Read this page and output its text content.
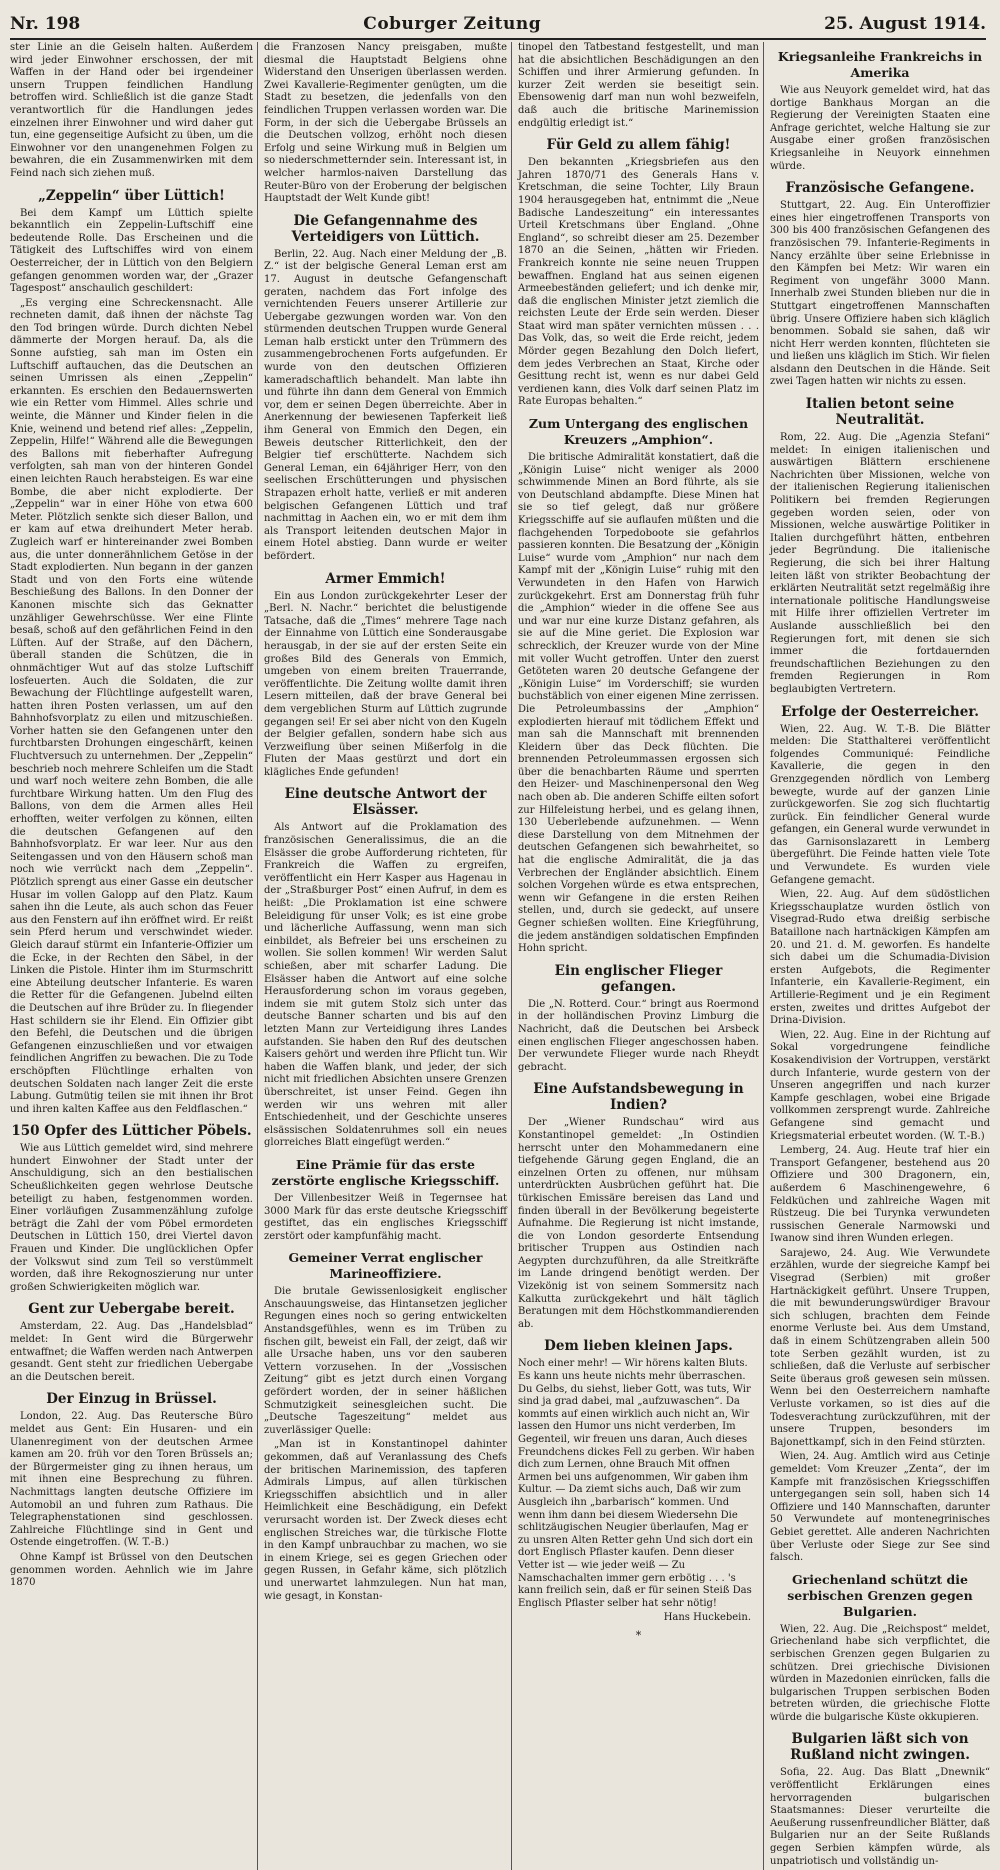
Nr. 198	Coburger Zeitung	25. August 1914.

ster Linie an die Geiseln halten. Außerdem wird jeder Einwohner erschossen, der mit Waffen in der Hand oder bei irgendeiner unsern Truppen feindlichen Handlung betroffen wird. Schließlich ist die ganze Stadt verantwortlich für die Handlungen jedes einzelnen ihrer Einwohner und wird daher gut tun, eine gegenseitige Aufsicht zu üben, um die Einwohner vor den unangenehmen Folgen zu bewahren, die ein Zusammenwirken mit dem Feind nach sich ziehen muß.

„Zeppelin“ über Lüttich!

Bei dem Kampf um Lüttich spielte bekanntlich ein Zeppelin-Luftschiff eine bedeutende Rolle. Das Erscheinen und die Tätigkeit des Luftschiffes wird von einem Oesterreicher, der in Lüttich von den Belgiern gefangen genommen worden war, der „Grazer Tagespost“ anschaulich geschildert:

„Es verging eine Schreckensnacht. Alle rechneten damit, daß ihnen der nächste Tag den Tod bringen würde. Durch dichten Nebel dämmerte der Morgen herauf. Da, als die Sonne aufstieg, sah man im Osten ein Luftschiff auftauchen, das die Deutschen an seinen Umrissen als einen „Zeppelin“ erkannten. Es erschien den Bedauernswerten wie ein Retter vom Himmel. Alles schrie und weinte, die Männer und Kinder fielen in die Knie, weinend und betend rief alles: „Zeppelin, Zeppelin, Hilfe!“ Während alle die Bewegungen des Ballons mit fieberhafter Aufregung verfolgten, sah man von der hinteren Gondel einen leichten Rauch herabsteigen. Es war eine Bombe, die aber nicht explodierte. Der „Zeppelin“ war in einer Höhe von etwa 600 Meter. Plötzlich senkte sich dieser Ballon, und er kam auf etwa dreihundert Meter herab. Zugleich warf er hintereinander zwei Bomben aus, die unter donnerähnlichem Getöse in der Stadt explodierten. Nun begann in der ganzen Stadt und von den Forts eine wütende Beschießung des Ballons. In den Donner der Kanonen mischte sich das Geknatter unzähliger Gewehrschüsse. Wer eine Flinte besaß, schoß auf den gefährlichen Feind in den Lüften. Auf der Straße, auf den Dächern, überall standen die Schützen, die in ohnmächtiger Wut auf das stolze Luftschiff losfeuerten. Auch die Soldaten, die zur Bewachung der Flüchtlinge aufgestellt waren, hatten ihren Posten verlassen, um auf den Bahnhofsvorplatz zu eilen und mitzuschießen. Vorher hatten sie den Gefangenen unter den furchtbarsten Drohungen eingeschärft, keinen Fluchtversuch zu unternehmen. Der „Zeppelin“ beschrieb noch mehrere Schleifen um die Stadt und warf noch weitere zehn Bomben, die alle furchtbare Wirkung hatten. Um den Flug des Ballons, von dem die Armen alles Heil erhofften, weiter verfolgen zu können, eilten die deutschen Gefangenen auf den Bahnhofsvorplatz. Er war leer. Nur aus den Seitengassen und von den Häusern schoß man noch wie verrückt nach dem „Zeppelin“. Plötzlich sprengt aus einer Gasse ein deutscher Husar im vollen Galopp auf den Platz. Kaum sahen ihn die Leute, als auch schon das Feuer aus den Fenstern auf ihn eröffnet wird. Er reißt sein Pferd herum und verschwindet wieder. Gleich darauf stürmt ein Infanterie-Offizier um die Ecke, in der Rechten den Säbel, in der Linken die Pistole. Hinter ihm im Sturmschritt eine Abteilung deutscher Infanterie. Es waren die Retter für die Gefangenen. Jubelnd eilten die Deutschen auf ihre Brüder zu. In fliegender Hast schildern sie ihr Elend. Ein Offizier gibt den Befehl, die Deutschen und die übrigen Gefangenen einzuschließen und vor etwaigen feindlichen Angriffen zu bewachen. Die zu Tode erschöpften Flüchtlinge erhalten von deutschen Soldaten nach langer Zeit die erste Labung. Gutmütig teilen sie mit ihnen ihr Brot und ihren kalten Kaffee aus den Feldflaschen.“

150 Opfer des Lütticher Pöbels.

Wie aus Lüttich gemeldet wird, sind mehrere hundert Einwohner der Stadt unter der Anschuldigung, sich an den bestialischen Scheußlichkeiten gegen wehrlose Deutsche beteiligt zu haben, festgenommen worden. Einer vorläufigen Zusammenzählung zufolge beträgt die Zahl der vom Pöbel ermordeten Deutschen in Lüttich 150, drei Viertel davon Frauen und Kinder. Die unglücklichen Opfer der Volkswut sind zum Teil so verstümmelt worden, daß ihre Rekognoszierung nur unter großen Schwierigkeiten möglich war.

Gent zur Uebergabe bereit.

Amsterdam, 22. Aug. Das „Handelsblad“ meldet: In Gent wird die Bürgerwehr entwaffnet; die Waffen werden nach Antwerpen gesandt. Gent steht zur friedlichen Uebergabe an die Deutschen bereit.

Der Einzug in Brüssel.

London, 22. Aug. Das Reutersche Büro meldet aus Gent: Ein Husaren- und ein Ulanenregiment von der deutschen Armee kamen am 20. früh vor den Toren Brüssels an; der Bürgermeister ging zu ihnen heraus, um mit ihnen eine Besprechung zu führen. Nachmittags langten deutsche Offiziere im Automobil an und fuhren zum Rathaus. Die Telegraphenstationen sind geschlossen. Zahlreiche Flüchtlinge sind in Gent und Ostende eingetroffen. (W. T.-B.)

Ohne Kampf ist Brüssel von den Deutschen genommen worden. Aehnlich wie im Jahre 1870

die Franzosen Nancy preisgaben, mußte diesmal die Hauptstadt Belgiens ohne Widerstand den Unserigen überlassen werden. Zwei Kavallerie-Regimenter genügten, um die Stadt zu besetzen, die jedenfalls von den feindlichen Truppen verlassen worden war. Die Form, in der sich die Uebergabe Brüssels an die Deutschen vollzog, erhöht noch diesen Erfolg und seine Wirkung muß in Belgien um so niederschmetternder sein. Interessant ist, in welcher harmlos-naiven Darstellung das Reuter-Büro von der Eroberung der belgischen Hauptstadt der Welt Kunde gibt!

Die Gefangennahme des Verteidigers von Lüttich.

Berlin, 22. Aug. Nach einer Meldung der „B. Z.“ ist der belgische General Leman erst am 17. August in deutsche Gefangenschaft geraten, nachdem das Fort infolge des vernichtenden Feuers unserer Artillerie zur Uebergabe gezwungen worden war. Von den stürmenden deutschen Truppen wurde General Leman halb erstickt unter den Trümmern des zusammengebrochenen Forts aufgefunden. Er wurde von den deutschen Offizieren kameradschaftlich behandelt. Man labte ihn und führte ihn dann dem General von Emmich vor, dem er seinen Degen überreichte. Aber in Anerkennung der bewiesenen Tapferkeit ließ ihm General von Emmich den Degen, ein Beweis deutscher Ritterlichkeit, den der Belgier tief erschütterte. Nachdem sich General Leman, ein 64jähriger Herr, von den seelischen Erschütterungen und physischen Strapazen erholt hatte, verließ er mit anderen belgischen Gefangenen Lüttich und traf nachmittag in Aachen ein, wo er mit dem ihm als Transport leitenden deutschen Major in einem Hotel abstieg. Dann wurde er weiter befördert.

Armer Emmich!

Ein aus London zurückgekehrter Leser der „Berl. N. Nachr.“ berichtet die belustigende Tatsache, daß die „Times“ mehrere Tage nach der Einnahme von Lüttich eine Sonderausgabe herausgab, in der sie auf der ersten Seite ein großes Bild des Generals von Emmich, umgeben von einem breiten Trauerrande, veröffentlichte. Die Zeitung wollte damit ihren Lesern mitteilen, daß der brave General bei dem vergeblichen Sturm auf Lüttich zugrunde gegangen sei! Er sei aber nicht von den Kugeln der Belgier gefallen, sondern habe sich aus Verzweiflung über seinen Mißerfolg in die Fluten der Maas gestürzt und dort ein klägliches Ende gefunden!

Eine deutsche Antwort der Elsässer.

Als Antwort auf die Proklamation des französischen Generalissimus, die an die Elsässer die grobe Aufforderung richteten, für Frankreich die Waffen zu ergreifen, veröffentlicht ein Herr Kasper aus Hagenau in der „Straßburger Post“ einen Aufruf, in dem es heißt: „Die Proklamation ist eine schwere Beleidigung für unser Volk; es ist eine grobe und lächerliche Auffassung, wenn man sich einbildet, als Befreier bei uns erscheinen zu wollen. Sie sollen kommen! Wir werden Salut schießen, aber mit scharfer Ladung. Die Elsässer haben die Antwort auf eine solche Herausforderung schon im voraus gegeben, indem sie mit gutem Stolz sich unter das deutsche Banner scharten und bis auf den letzten Mann zur Verteidigung ihres Landes aufstanden. Sie haben den Ruf des deutschen Kaisers gehört und werden ihre Pflicht tun. Wir haben die Waffen blank, und jeder, der sich nicht mit friedlichen Absichten unsere Grenzen überschreitet, ist unser Feind. Gegen ihn werden wir uns wehren mit aller Entschiedenheit, und der Geschichte unseres elsässischen Soldatenruhmes soll ein neues glorreiches Blatt eingefügt werden.“

Eine Prämie für das erste zerstörte englische Kriegsschiff.

Der Villenbesitzer Weiß in Tegernsee hat 3000 Mark für das erste deutsche Kriegsschiff gestiftet, das ein englisches Kriegsschiff zerstört oder kampfunfähig macht.

Gemeiner Verrat englischer Marineoffiziere.

Die brutale Gewissenlosigkeit englischer Anschauungsweise, das Hintansetzen jeglicher Regungen eines noch so gering entwickelten Anstandsgefühles, wenn es im Trüben zu fischen gilt, beweist ein Fall, der zeigt, daß wir alle Ursache haben, uns vor den sauberen Vettern vorzusehen. In der „Vossischen Zeitung“ gibt es jetzt durch einen Vorgang gefördert worden, der in seiner häßlichen Schmutzigkeit seinesgleichen sucht. Die „Deutsche Tageszeitung“ meldet aus zuverlässiger Quelle:

„Man ist in Konstantinopel dahinter gekommen, daß auf Veranlassung des Chefs der britischen Marinemission, des tapferen Admirals Limpus, auf allen türkischen Kriegsschiffen absichtlich und in aller Heimlichkeit eine Beschädigung, ein Defekt verursacht worden ist. Der Zweck dieses echt englischen Streiches war, die türkische Flotte in den Kampf unbrauchbar zu machen, wo sie in einem Kriege, sei es gegen Griechen oder gegen Russen, in Gefahr käme, sich plötzlich und unerwartet lahmzulegen. Nun hat man, wie gesagt, in Konstan-

tinopel den Tatbestand festgestellt, und man hat die absichtlichen Beschädigungen an den Schiffen und ihrer Armierung gefunden. In kurzer Zeit werden sie beseitigt sein. Ebensowenig darf man nun wohl bezweifeln, daß auch die britische Marinemission endgültig erledigt ist.“

Für Geld zu allem fähig!

Den bekannten „Kriegsbriefen aus den Jahren 1870/71 des Generals Hans v. Kretschman, die seine Tochter, Lily Braun 1904 herausgegeben hat, entnimmt die „Neue Badische Landeszeitung“ ein interessantes Urteil Kretschmans über England. „Ohne England“, so schreibt dieser am 25. Dezember 1870 an die Seinen, „hätten wir Frieden. Frankreich konnte nie seine neuen Truppen bewaffnen. England hat aus seinen eigenen Armeebeständen geliefert; und ich denke mir, daß die englischen Minister jetzt ziemlich die reichsten Leute der Erde sein werden. Dieser Staat wird man später vernichten müssen . . . Das Volk, das, so weit die Erde reicht, jedem Mörder gegen Bezahlung den Dolch liefert, dem jedes Verbrechen an Staat, Kirche oder Gesittung recht ist, wenn es nur dabei Geld verdienen kann, dies Volk darf seinen Platz im Rate Europas behalten.“

Zum Untergang des englischen Kreuzers „Amphion“.

Die britische Admiralität konstatiert, daß die „Königin Luise“ nicht weniger als 2000 schwimmende Minen an Bord führte, als sie von Deutschland abdampfte. Diese Minen hat sie so tief gelegt, daß nur größere Kriegsschiffe auf sie auflaufen müßten und die flachgehenden Torpedoboote sie gefahrlos passieren konnten. Die Besatzung der „Königin Luise“ wurde vom „Amphion“ nur nach dem Kampf mit der „Königin Luise“ ruhig mit den Verwundeten in den Hafen von Harwich zurückgekehrt. Erst am Donnerstag früh fuhr die „Amphion“ wieder in die offene See aus und war nur eine kurze Distanz gefahren, als sie auf die Mine geriet. Die Explosion war schrecklich, der Kreuzer wurde von der Mine mit voller Wucht getroffen. Unter den zuerst Getöteten waren 20 deutsche Gefangene der „Königin Luise“ im Vorderschiff; sie wurden buchstäblich von einer eigenen Mine zerrissen. Die Petroleumbassins der „Amphion“ explodierten hierauf mit tödlichem Effekt und man sah die Mannschaft mit brennenden Kleidern über das Deck flüchten. Die brennenden Petroleummassen ergossen sich über die benachbarten Räume und sperrten den Heizer- und Maschinenpersonal den Weg nach oben ab. Die anderen Schiffe eilten sofort zur Hilfeleistung herbei, und es gelang ihnen, 130 Ueberlebende aufzunehmen. — Wenn diese Darstellung von dem Mitnehmen der deutschen Gefangenen sich bewahrheitet, so hat die englische Admiralität, die ja das Verbrechen der Engländer absichtlich. Einem solchen Vorgehen würde es etwa entsprechen, wenn wir Gefangene in die ersten Reihen stellen, und, durch sie gedeckt, auf unsere Gegner schießen wollten. Eine Kriegführung, die jedem anständigen soldatischen Empfinden Hohn spricht.

Ein englischer Flieger gefangen.

Die „N. Rotterd. Cour.“ bringt aus Roermond in der holländischen Provinz Limburg die Nachricht, daß die Deutschen bei Arsbeck einen englischen Flieger angeschossen haben. Der verwundete Flieger wurde nach Rheydt gebracht.

Eine Aufstandsbewegung in Indien?

Der „Wiener Rundschau“ wird aus Konstantinopel gemeldet: „In Ostindien herrscht unter den Mohammedanern eine tiefgehende Gärung gegen England, die an einzelnen Orten zu offenen, nur mühsam unterdrückten Ausbrüchen geführt hat. Die türkischen Emissäre bereisen das Land und finden überall in der Bevölkerung begeisterte Aufnahme. Die Regierung ist nicht imstande, die von London gesorderte Entsendung britischer Truppen aus Ostindien nach Aegypten durchzuführen, da alle Streitkräfte im Lande dringend benötigt werden. Der Vizekönig ist von seinem Sommersitz nach Kalkutta zurückgekehrt und hält täglich Beratungen mit dem Höchstkommandierenden ab.

Dem lieben kleinen Japs.

Noch einer mehr! — Wir hörens kalten Bluts. Es kann uns heute nichts mehr überraschen. Du Gelbs, du siehst, lieber Gott, was tuts, Wir sind ja grad dabei, mal „aufzuwaschen“. Da kommts auf einen wirklich auch nicht an, Wir lassen den Humor uns nicht verderben, Im Gegenteil, wir freuen uns daran, Auch dieses Freundchens dickes Fell zu gerben. Wir haben dich zum Lernen, ohne Brauch Mit offnen Armen bei uns aufgenommen, Wir gaben ihm Kultur. — Da ziemt sichs auch, Daß wir zum Ausgleich ihn „barbarisch“ kommen. Und wenn ihm dann bei diesem Wiedersehn Die schlitzäugischen Neugier überlaufen, Mag er zu unsren Alten Retter gehn Und sich dort ein dort Englisch Pflaster kaufen. Denn dieser Vetter ist — wie jeder weiß — Zu Namschachalten immer gern erbötig . . . 's kann freilich sein, daß er für seinen Steiß Das Englisch Pflaster selber hat sehr nötig!

Hans Huckebein.
*
Kriegsanleihe Frankreichs in Amerika

Wie aus Neuyork gemeldet wird, hat das dortige Bankhaus Morgan an die Regierung der Vereinigten Staaten eine Anfrage gerichtet, welche Haltung sie zur Ausgabe einer großen französischen Kriegsanleihe in Neuyork einnehmen würde.

Französische Gefangene.

Stuttgart, 22. Aug. Ein Unteroffizier eines hier eingetroffenen Transports von 300 bis 400 französischen Gefangenen des französischen 79. Infanterie-Regiments in Nancy erzählte über seine Erlebnisse in den Kämpfen bei Metz: Wir waren ein Regiment von ungefähr 3000 Mann. Innerhalb zwei Stunden blieben nur die in Stuttgart eingetroffenen Mannschaften übrig. Unsere Offiziere haben sich kläglich benommen. Sobald sie sahen, daß wir nicht Herr werden konnten, flüchteten sie und ließen uns kläglich im Stich. Wir fielen alsdann den Deutschen in die Hände. Seit zwei Tagen hatten wir nichts zu essen.

Italien betont seine Neutralität.

Rom, 22. Aug. Die „Agenzia Stefani“ meldet: In einigen italienischen und auswärtigen Blättern erschienene Nachrichten über Missionen, welche von der italienischen Regierung italienischen Politikern bei fremden Regierungen gegeben worden seien, oder von Missionen, welche auswärtige Politiker in Italien durchgeführt hätten, entbehren jeder Begründung. Die italienische Regierung, die sich bei ihrer Haltung leiten läßt von strikter Beobachtung der erklärten Neutralität setzt regelmäßig ihre internationale politische Handlungsweise mit Hilfe ihrer offiziellen Vertreter im Auslande ausschließlich bei den Regierungen fort, mit denen sie sich immer die fortdauernden freundschaftlichen Beziehungen zu den fremden Regierungen in Rom beglaubigten Vertretern.

Erfolge der Oesterreicher.

Wien, 22. Aug. W. T.-B. Die Blätter melden: Die Statthalterei veröffentlicht folgendes Communiqué: Feindliche Kavallerie, die gegen in den Grenzgegenden nördlich von Lemberg bewegte, wurde auf der ganzen Linie zurückgeworfen. Sie zog sich fluchtartig zurück. Ein feindlicher General wurde gefangen, ein General wurde verwundet in das Garnisonslazarett in Lemberg übergeführt. Die Feinde hatten viele Tote und Verwundete. Es wurden viele Gefangene gemacht.

Wien, 22. Aug. Auf dem südöstlichen Kriegsschauplatze wurden östlich von Visegrad-Rudo etwa dreißig serbische Bataillone nach hartnäckigen Kämpfen am 20. und 21. d. M. geworfen. Es handelte sich dabei um die Schumadia-Division ersten Aufgebots, die Regimenter Infanterie, ein Kavallerie-Regiment, ein Artillerie-Regiment und je ein Regiment ersten, zweites und drittes Aufgebot der Drina-Division.

Wien, 22. Aug. Eine in der Richtung auf Sokal vorgedrungene feindliche Kosakendivision der Vortruppen, verstärkt durch Infanterie, wurde gestern von der Unseren angegriffen und nach kurzer Kampfe geschlagen, wobei eine Brigade vollkommen zersprengt wurde. Zahlreiche Gefangene sind gemacht und Kriegsmaterial erbeutet worden. (W. T.-B.)

Lemberg, 24. Aug. Heute traf hier ein Transport Gefangener, bestehend aus 20 Offiziere und 300 Dragonern, ein, außerdem 6 Maschinengewehre, 6 Feldküchen und zahlreiche Wagen mit Rüstzeug. Die bei Turynka verwundeten russischen Generale Narmowski und Iwanow sind ihren Wunden erlegen.

Sarajewo, 24. Aug. Wie Verwundete erzählen, wurde der siegreiche Kampf bei Visegrad (Serbien) mit großer Hartnäckigkeit geführt. Unsere Truppen, die mit bewunderungswürdiger Bravour sich schlugen, brachten dem Feinde enorme Verluste bei. Aus dem Umstand, daß in einem Schützengraben allein 500 tote Serben gezählt wurden, ist zu schließen, daß die Verluste auf serbischer Seite überaus groß gewesen sein müssen. Wenn bei den Oesterreichern namhafte Verluste vorkamen, so ist dies auf die Todesverachtung zurückzuführen, mit der unsere Truppen, besonders im Bajonettkampf, sich in den Feind stürzten.

Wien, 24. Aug. Amtlich wird aus Cetinje gemeldet: Vom Kreuzer „Zenta“, der im Kampfe mit französischen Kriegsschiffen untergegangen sein soll, haben sich 14 Offiziere und 140 Mannschaften, darunter 50 Verwundete auf montenegrinisches Gebiet gerettet. Alle anderen Nachrichten über Verluste oder Siege zur See sind falsch.

Griechenland schützt die serbischen Grenzen gegen Bulgarien.

Wien, 22. Aug. Die „Reichspost“ meldet, Griechenland habe sich verpflichtet, die serbischen Grenzen gegen Bulgarien zu schützen. Drei griechische Divisionen würden in Mazedonien einrücken, falls die bulgarischen Truppen serbischen Boden betreten würden, die griechische Flotte würde die bulgarische Küste okkupieren.

Bulgarien läßt sich von Rußland nicht zwingen.

Sofia, 22. Aug. Das Blatt „Dnewnik“ veröffentlicht Erklärungen eines hervorragenden bulgarischen Staatsmannes: Dieser verurteilte die Aeußerung russenfreundlicher Blätter, daß Bulgarien nur an der Seite Rußlands gegen Serbien kämpfen würde, als unpatriotisch und vollständig un-
